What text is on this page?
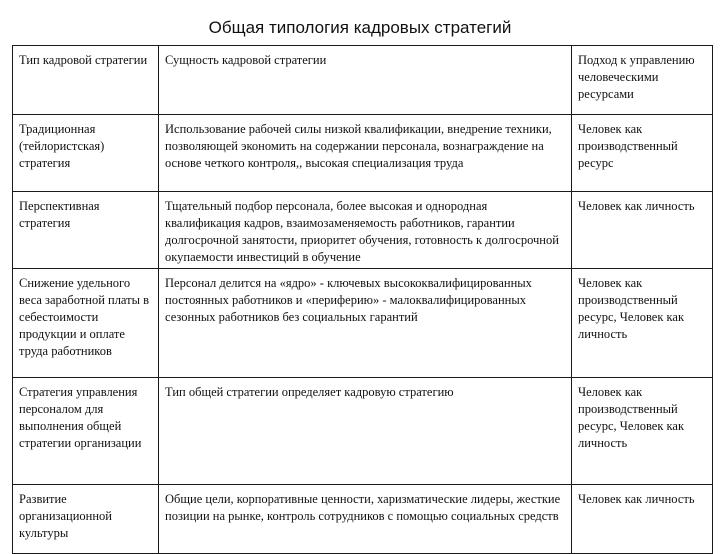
Общая типология кадровых стратегий
Тип кадровой стратегии	Сущность кадровой стратегии	Подход к управлению человеческими ресурсами
Традиционная (тейлористская) стратегия	Использование рабочей силы низкой квалификации, внедрение техники, позволяющей экономить на содержании персонала, вознаграждение на основе четкого контроля,, высокая специализация труда	Человек как производственный ресурс
Перспективная стратегия	Тщательный подбор персонала, более высокая и однородная квалификация кадров, взаимозаменяемость работников, гарантии долгосрочной занятости, приоритет обучения, готовность к долгосрочной окупаемости инвестиций в обучение	Человек как личность
Снижение удельного веса заработной платы в себестоимости продукции и оплате труда работников	Персонал делится на «ядро» - ключевых высококвалифицированных постоянных работников и «периферию» - малоквалифицированных сезонных работников без социальных гарантий	Человек как производственный ресурс, Человек как личность
Стратегия управления персоналом для выполнения общей стратегии организации	Тип общей стратегии определяет кадровую стратегию	Человек как производственный ресурс, Человек как личность
Развитие организационной культуры	Общие цели, корпоративные ценности, харизматические лидеры, жесткие позиции на рынке, контроль сотрудников с помощью социальных средств	Человек как личность
